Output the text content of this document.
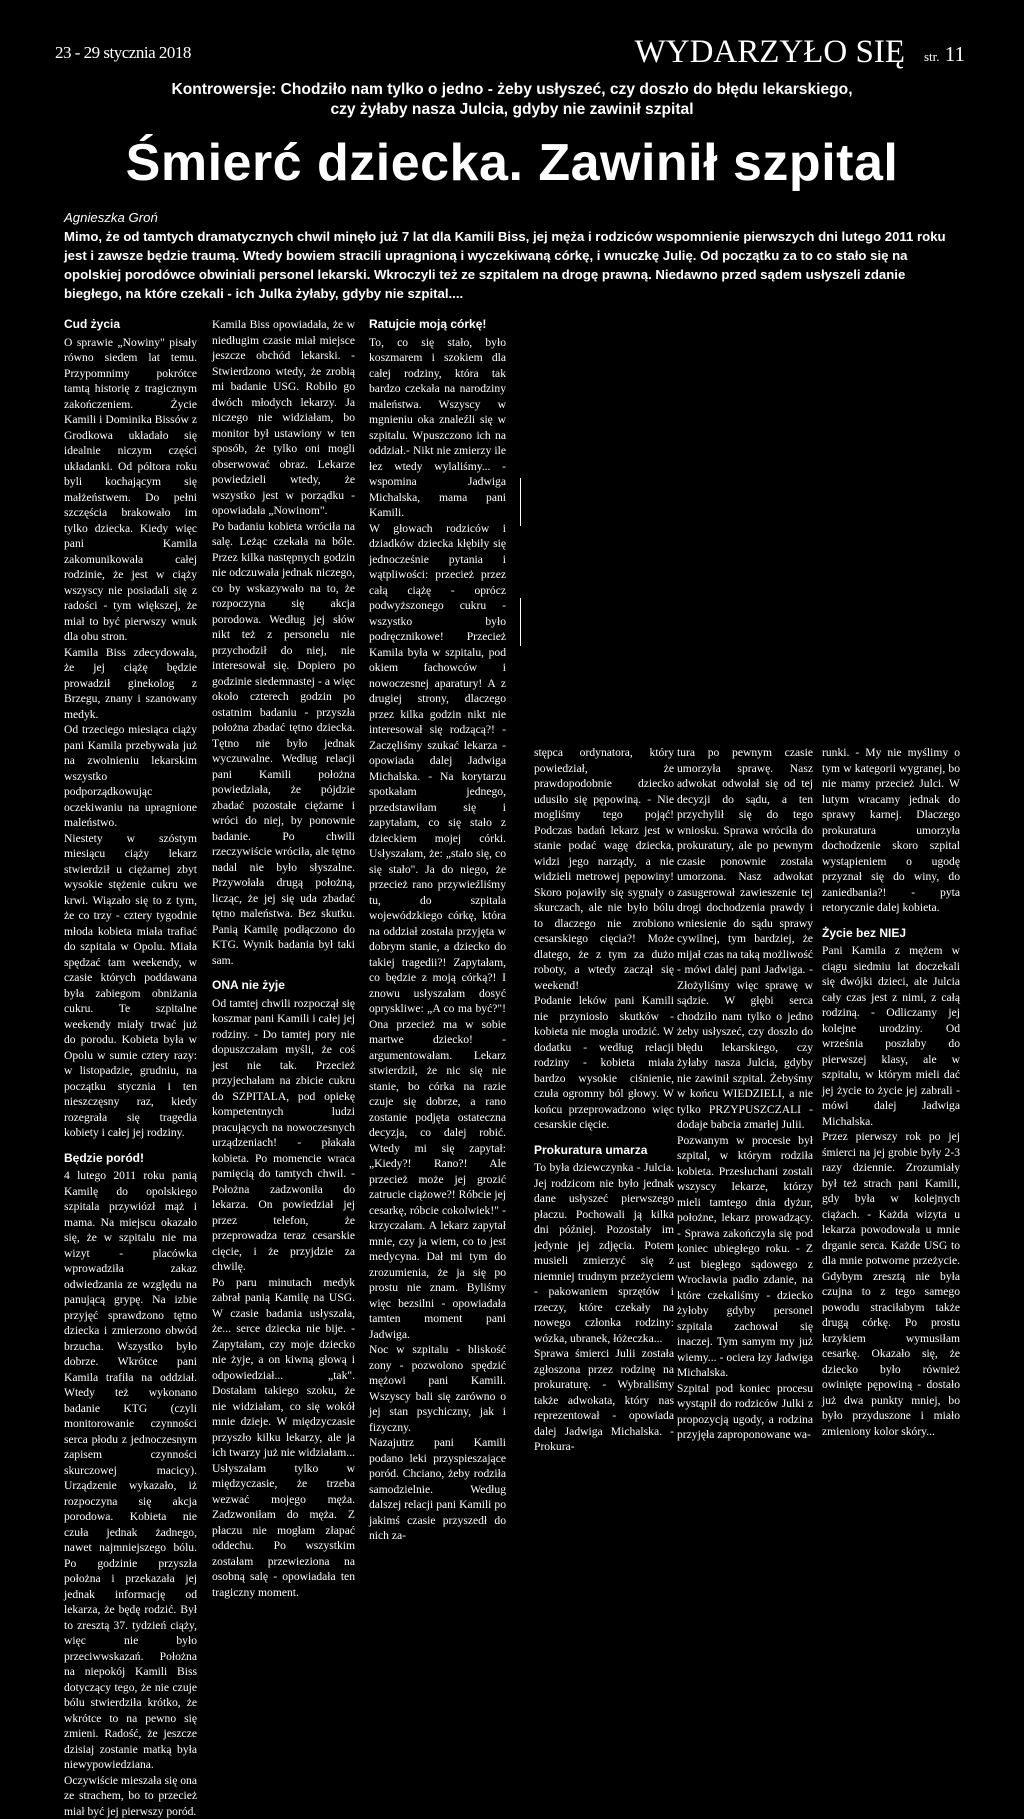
23 - 29 stycznia 2018	WYDARZYŁO SIĘ str. 11
Kontrowersje: Chodziło nam tylko o jedno - żeby usłyszeć, czy doszło do błędu lekarskiego,
czy żyłaby nasza Julcia, gdyby nie zawinił szpital
Śmierć dziecka. Zawinił szpital
Agnieszka Groń
Mimo, że od tamtych dramatycznych chwil minęło już 7 lat dla Kamili Biss, jej męża i rodziców wspomnienie pierwszych dni lutego 2011 roku jest i zawsze będzie traumą. Wtedy bowiem stracili upragnioną i wyczekiwaną córkę, i wnuczkę Julię. Od początku za to co stało się na opolskiej porodówce obwiniali personel lekarski. Wkroczyli też ze szpitalem na drogę prawną. Niedawno przed sądem usłyszeli zdanie biegłego, na które czekali - ich Julka żyłaby, gdyby nie szpital....
Cud życia

O sprawie „Nowiny" pisały równo siedem lat temu. Przypomnimy pokrótce tamtą historię z tragicznym zakończeniem. Życie Kamili i Dominika Bissów z Grodkowa układało się idealnie niczym części układanki. Od półtora roku byli kochającym się małżeństwem. Do pełni szczęścia brakowało im tylko dziecka. Kiedy więc pani Kamila zakomunikowała całej rodzinie, że jest w ciąży wszyscy nie posiadali się z radości - tym większej, że miał to być pierwszy wnuk dla obu stron.

Kamila Biss zdecydowała, że jej ciążę będzie prowadził ginekolog z Brzegu, znany i szanowany medyk.

Od trzeciego miesiąca ciąży pani Kamila przebywała już na zwolnieniu lekarskim wszystko podporządkowując oczekiwaniu na upragnione maleństwo.

Niestety w szóstym miesiącu ciąży lekarz stwierdził u ciężarnej zbyt wysokie stężenie cukru we krwi. Wiązało się to z tym, że co trzy - cztery tygodnie młoda kobieta miała trafiać do szpitala w Opolu. Miała spędzać tam weekendy, w czasie których poddawana była zabiegom obniżania cukru. Te szpitalne weekendy miały trwać już do porodu. Kobieta była w Opolu w sumie cztery razy: w listopadzie, grudniu, na początku stycznia i ten nieszczęsny raz, kiedy rozegrała się tragedia kobiety i całej jej rodziny.

Będzie poród!

4 lutego 2011 roku panią Kamilę do opolskiego szpitala przywiózł mąż i mama. Na miejscu okazało się, że w szpitalu nie ma wizyt - placówka wprowadziła zakaz odwiedzania ze względu na panującą grypę. Na izbie przyjęć sprawdzono tętno dziecka i zmierzono obwód brzucha. Wszystko było dobrze. Wkrótce pani Kamila trafiła na oddział. Wtedy też wykonano badanie KTG (czyli monitorowanie czynności serca płodu z jednoczesnym zapisem czynności skurczowej macicy). Urządzenie wykazało, iż rozpoczyna się akcja porodowa. Kobieta nie czuła jednak żadnego, nawet najmniejszego bólu. Po godzinie przyszła położna i przekazała jej jednak informację od lekarza, że będę rodzić. Był to zresztą 37. tydzień ciąży, więc nie było przeciwwskazań. Położna na niepokój Kamili Biss dotyczący tego, że nie czuje bólu stwierdziła krótko, że wkrótce to na pewno się zmieni. Radość, że jeszcze dzisiaj zostanie matką była niewypowiedziana. Oczywiście mieszała się ona ze strachem, bo to przecież miał być jej pierwszy poród.

Kamila Biss opowiadała, że w niedługim czasie miał miejsce jeszcze obchód lekarski. - Stwierdzono wtedy, że zrobią mi badanie USG. Robiło go dwóch młodych lekarzy. Ja niczego nie widziałam, bo monitor był ustawiony w ten sposób, że tylko oni mogli obserwować obraz. Lekarze powiedzieli wtedy, że wszystko jest w porządku - opowiadała „Nowinom".

Po badaniu kobieta wróciła na salę. Leżąc czekała na bóle. Przez kilka następnych godzin nie odczuwała jednak niczego, co by wskazywało na to, że rozpoczyna się akcja porodowa. Według jej słów nikt też z personelu nie przychodził do niej, nie interesował się. Dopiero po godzinie siedemnastej - a więc około czterech godzin po ostatnim badaniu - przyszła położna zbadać tętno dziecka. Tętno nie było jednak wyczuwalne. Według relacji pani Kamili położna powiedziała, że pójdzie zbadać pozostałe ciężarne i wróci do niej, by ponownie badanie. Po chwili rzeczywiście wróciła, ale tętno nadal nie było słyszalne. Przywołała drugą położną, licząc, że jej się uda zbadać tętno maleństwa. Bez skutku. Panią Kamilę podłączono do KTG. Wynik badania był taki sam.

ONA nie żyje

Od tamtej chwili rozpoczął się koszmar pani Kamili i całej jej rodziny. - Do tamtej pory nie dopuszczałam myśli, że coś jest nie tak. Przecież przyjechałam na zbicie cukru do SZPITALA, pod opiekę kompetentnych ludzi pracujących na nowoczesnych urządzeniach! - płakała kobieta. Po momencie wraca pamięcią do tamtych chwil. - Położna zadzwoniła do lekarza. On powiedział jej przez telefon, że przeprowadza teraz cesarskie cięcie, i że przyjdzie za chwilę.

Po paru minutach medyk zabrał panią Kamilę na USG. W czasie badania usłyszała, że... serce dziecka nie bije. - Zapytałam, czy moje dziecko nie żyje, a on kiwną głową i odpowiedział... „tak". Dostałam takiego szoku, że nie widziałam, co się wokół mnie dzieje. W międzyczasie przyszło kilku lekarzy, ale ja ich twarzy już nie widziałam... Usłyszałam tylko w międzyczasie, że trzeba wezwać mojego męża. Zadzwoniłam do męża. Z płaczu nie mogłam złapać oddechu. Po wszystkim zostałam przewieziona na osobną salę - opowiadała ten tragiczny moment.

Ratujcie moją córkę!

To, co się stało, było koszmarem i szokiem dla całej rodziny, która tak bardzo czekała na narodziny maleństwa. Wszyscy w mgnieniu oka znaleźli się w szpitalu. Wpuszczono ich na oddział.- Nikt nie zmierzy ile łez wtedy wylaliśmy... - wspomina Jadwiga Michalska, mama pani Kamili.

W głowach rodziców i dziadków dziecka kłębiły się jednocześnie pytania i wątpliwości: przecież przez całą ciążę - oprócz podwyższonego cukru - wszystko było podręcznikowe! Przecież Kamila była w szpitalu, pod okiem fachowców i nowoczesnej aparatury! A z drugiej strony, dlaczego przez kilka godzin nikt nie interesował się rodzącą?! - Zaczęliśmy szukać lekarza - opowiada dalej Jadwiga Michalska. - Na korytarzu spotkałam jednego, przedstawiłam się i zapytałam, co się stało z dzieckiem mojej córki. Usłyszałam, że: „stało się, co się stało". Ja do niego, że przecież rano przywieźliśmy tu, do szpitala wojewódzkiego córkę, która na oddział została przyjęta w dobrym stanie, a dziecko do takiej tragedii?! Zapytałam, co będzie z moją córką?! I znowu usłyszałam dosyć opryskliwe: „A co ma być?"! Ona przecież ma w sobie martwe dziecko! - argumentowałam. Lekarz stwierdził, że nic się nie stanie, bo córka na razie czuje się dobrze, a rano zostanie podjęta ostateczna decyzja, co dalej robić. Wtedy mi się zapytał: „Kiedy?! Rano?! Ale przecież może jej grozić zatrucie ciążowe?! Róbcie jej cesarkę, róbcie cokolwiek!" - krzyczałam. A lekarz zapytał mnie, czy ja wiem, co to jest medycyna. Dał mi tym do zrozumienia, że ja się po prostu nie znam. Byliśmy więc bezsilni - opowiadała tamten moment pani Jadwiga.

Noc w szpitalu - bliskość zony - pozwolono spędzić mężowi pani Kamili. Wszyscy bali się zarówno o jej stan psychiczny, jak i fizyczny.

Nazajutrz pani Kamili podano leki przyspieszające poród. Chciano, żeby rodziła samodzielnie. Według dalszej relacji pani Kamili po jakimś czasie przyszedł do nich za-

stępca ordynatora, który powiedział, że prawdopodobnie dziecko udusiło się pępowiną. - Nie mogliśmy tego pojąć! Podczas badań lekarz jest w stanie podać wagę dziecka, widzi jego narządy, a nie widzieli metrowej pępowiny! Skoro pojawiły się sygnały o skurczach, ale nie było bólu to dlaczego nie zrobiono cesarskiego cięcia?! Może dlatego, że z tym za dużo roboty, a wtedy zaczął się weekend!

Podanie leków pani Kamili nie przyniosło skutków - kobieta nie mogła urodzić. W dodatku - według relacji rodziny - kobieta miała bardzo wysokie ciśnienie, czuła ogromny ból głowy. W końcu przeprowadzono więc cesarskie cięcie.

Prokuratura umarza

To była dziewczynka - Julcia. Jej rodzicom nie było jednak dane usłyszeć pierwszego płaczu. Pochowali ją kilka dni później. Pozostały im jedynie jej zdjęcia. Potem musieli zmierzyć się z niemniej trudnym przeżyciem - pakowaniem sprzętów i rzeczy, które czekały na nowego członka rodziny: wózka, ubranek, łóżeczka...

Sprawa śmierci Julii została zgłoszona przez rodzinę na prokuraturę. - Wybraliśmy także adwokata, który nas reprezentował - opowiada dalej Jadwiga Michalska. - Prokura-

tura po pewnym czasie umorzyła sprawę. Nasz adwokat odwołał się od tej decyzji do sądu, a ten przychylił się do tego wniosku. Sprawa wróciła do prokuratury, ale po pewnym czasie ponownie została umorzona. Nasz adwokat zasugerował zawieszenie tej drogi dochodzenia prawdy i wniesienie do sądu sprawy cywilnej, tym bardziej, że mijał czas na taką możliwość - mówi dalej pani Jadwiga. - Złożyliśmy więc sprawę w sądzie. W głębi serca chodziło nam tylko o jedno żeby usłyszeć, czy doszło do błędu lekarskiego, czy żyłaby nasza Julcia, gdyby nie zawinił szpital. Żebyśmy w końcu WIEDZIELI, a nie tylko PRZYPUSZCZALI - dodaje babcia zmarłej Julii.

Pozwanym w procesie był szpital, w którym rodziła kobieta. Przesłuchani zostali wszyscy lekarze, którzy mieli tamtego dnia dyżur, położne, lekarz prowadzący. - Sprawa zakończyła się pod koniec ubiegłego roku. - Z ust biegłego sądowego z Wrocławia padło zdanie, na które czekaliśmy - dziecko żyłoby gdyby personel szpitala zachował się inaczej. Tym samym my już wiemy... - ociera łzy Jadwiga Michalska.

Szpital pod koniec procesu wystąpił do rodziców Julki z propozycją ugody, a rodzina przyjęła zaproponowane wa-

runki. - My nie myślimy o tym w kategorii wygranej, bo nie mamy przecież Julci. W lutym wracamy jednak do sprawy karnej. Dlaczego prokuratura umorzyła dochodzenie skoro szpital wystąpieniem o ugodę przyznał się do winy, do zaniedbania?! - pyta retorycznie dalej kobieta.

Życie bez NIEJ

Pani Kamila z mężem w ciągu siedmiu lat doczekali się dwójki dzieci, ale Julcia cały czas jest z nimi, z całą rodziną. - Odliczamy jej kolejne urodziny. Od września poszłaby do pierwszej klasy, ale w szpitalu, w którym mieli dać jej życie to życie jej zabrali - mówi dalej Jadwiga Michalska.

Przez pierwszy rok po jej śmierci na jej grobie były 2-3 razy dziennie. Zrozumiały był też strach pani Kamili, gdy była w kolejnych ciążach. - Każda wizyta u lekarza powodowała u mnie drganie serca. Każde USG to dla mnie potworne przeżycie. Gdybym zresztą nie była czujna to z tego samego powodu straciłabym także drugą córkę. Po prostu krzykiem wymusiłam cesarkę. Okazało się, że dziecko było również owinięte pępowiną - dostało już dwa punkty mniej, bo było przyduszone i miało zmieniony kolor skóry...
